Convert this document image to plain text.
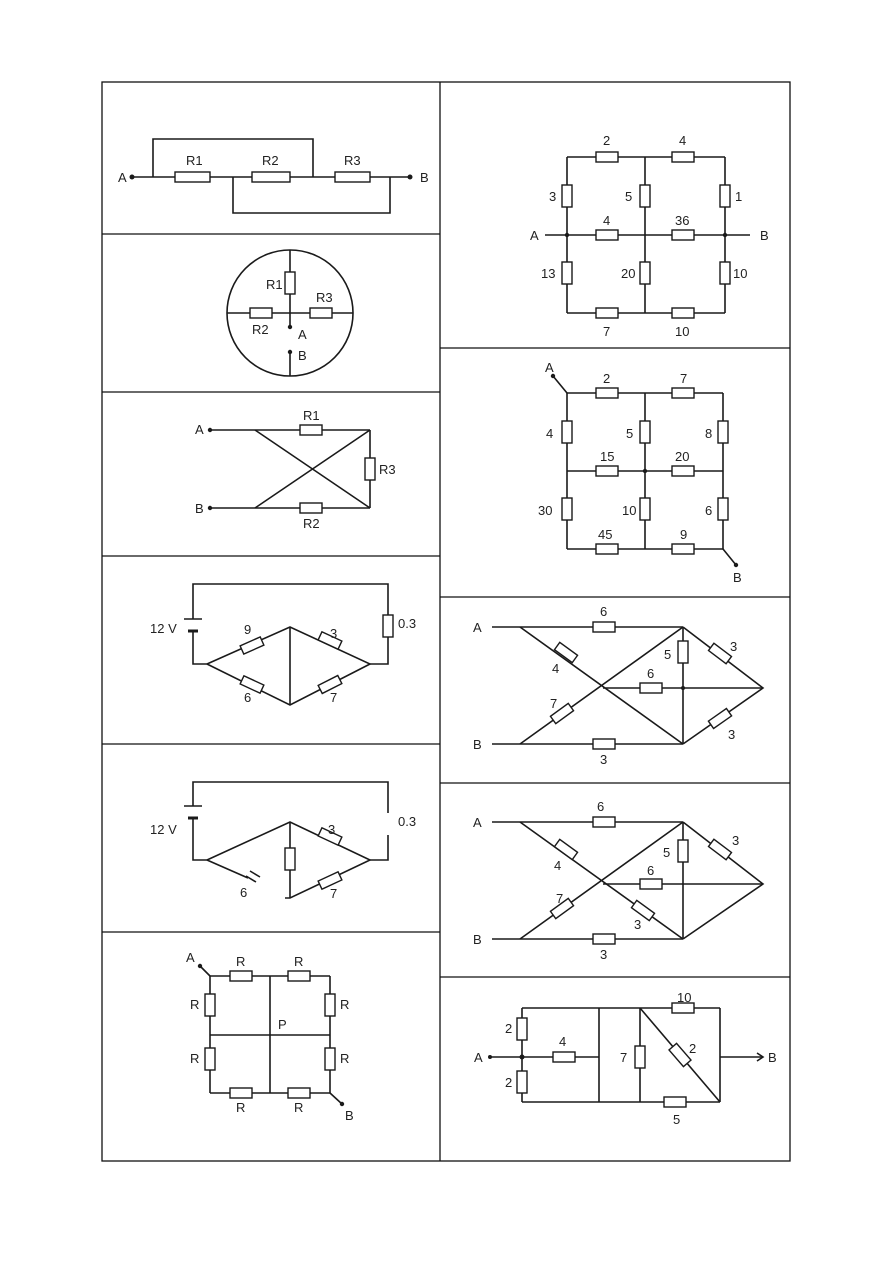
A	B
R1	R2	R3
R1
R2
R3
A
B
A
B
R1
R2
R3
12 V	9
6
3
7
0.3
12 V
6
3
7
0.3
A
B
R	R
R	R
R
R
R
R
P
A	B
2	4
3	5	1
4	36
13	20	10
7	10
A
B
2	7
4	5	8
15	20
30	10	6
45	9
A
B
6
4
7
5
6
3
3
3
A
B
6
4
7
5
6
3
3
3
A	B
2
2
4
7
10
2
5
